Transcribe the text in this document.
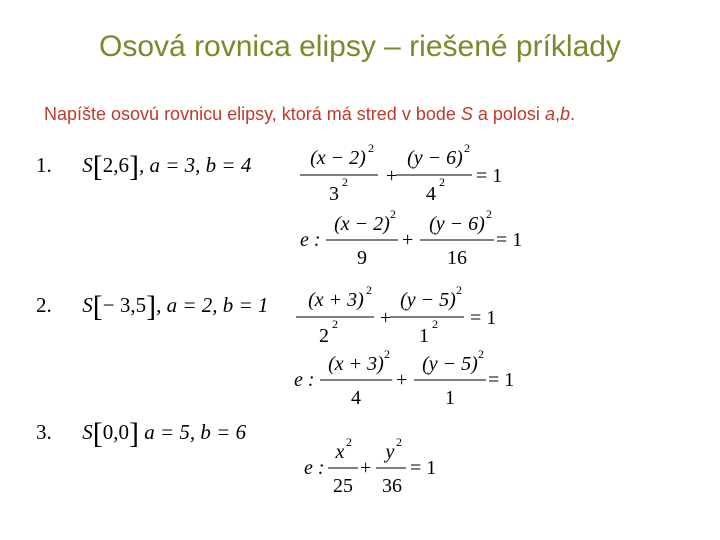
Osová rovnica elipsy – riešené príklady
Napíšte osovú rovnicu elipsy, ktorá má stred v bode S a polosi a,b.
1. S[2,6], a = 3, b = 4	(x − 2) 2
3
2 +
(y − 6) 2
4
2 = 1
e :
(x − 2) 2
9
+
(y − 6) 2
16
= 1
2. S[− 3,5], a = 2, b = 1 (x + 3) 2
2
2 +
(y − 5) 2
1
2 = 1
e :
(x + 3) 2
4
+
(y − 5) 2
1
= 1
3. S[0,0] a = 5, b = 6
e :
x 2
25
+
y 2
36
= 1
